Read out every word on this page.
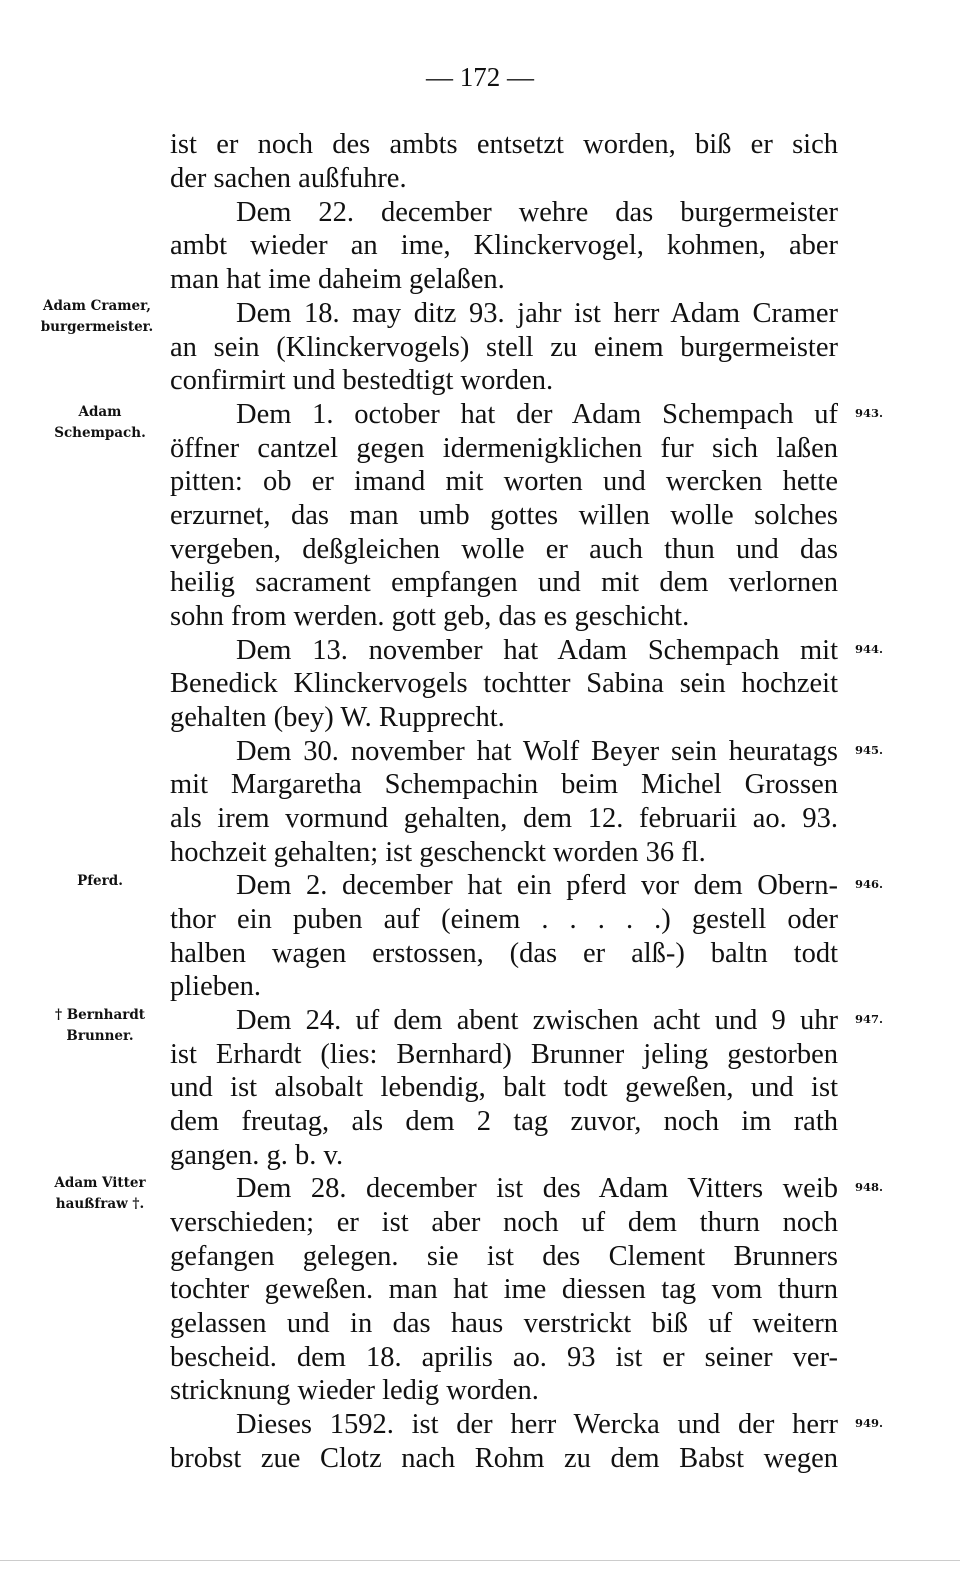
— 172 —
ist er noch des ambts entsetzt worden, biß er sich
der sachen außfuhre.
Dem 22. december wehre das burgermeister
ambt wieder an ime, Klinckervogel, kohmen, aber
man hat ime daheim gelaßen.
Dem 18. may ditz 93. jahr ist herr Adam Cramer
an sein (Klinckervogels) stell zu einem burgermeister
confirmirt und bestedtigt worden.
Dem 1. october hat der Adam Schempach uf
öffner cantzel gegen idermenigklichen fur sich laßen
pitten: ob er imand mit worten und wercken hette
erzurnet, das man umb gottes willen wolle solches
vergeben, deßgleichen wolle er auch thun und das
heilig sacrament empfangen und mit dem verlornen
sohn from werden. gott geb, das es geschicht.
Dem 13. november hat Adam Schempach mit
Benedick Klinckervogels tochtter Sabina sein hochzeit
gehalten (bey) W. Rupprecht.
Dem 30. november hat Wolf Beyer sein heuratags
mit Margaretha Schempachin beim Michel Grossen
als irem vormund gehalten, dem 12. februarii ao. 93.
hochzeit gehalten; ist geschenckt worden 36 fl.
Dem 2. december hat ein pferd vor dem Obern-
thor ein puben auf (einem . . . . .) gestell oder
halben wagen erstossen, (das er alß-) baltn todt
plieben.
Dem 24. uf dem abent zwischen acht und 9 uhr
ist Erhardt (lies: Bernhard) Brunner jeling gestorben
und ist alsobalt lebendig, balt todt geweßen, und ist
dem freutag, als dem 2 tag zuvor, noch im rath
gangen. g. b. v.
Dem 28. december ist des Adam Vitters weib
verschieden; er ist aber noch uf dem thurn noch
gefangen gelegen. sie ist des Clement Brunners
tochter geweßen. man hat ime diessen tag vom thurn
gelassen und in das haus verstrickt biß uf weitern
bescheid. dem 18. aprilis ao. 93 ist er seiner ver-
stricknung wieder ledig worden.
Dieses 1592. ist der herr Wercka und der herr
brobst zue Clotz nach Rohm zu dem Babst wegen
Adam Cramer,
burgermeister.
Adam
Schempach.
Pferd.
† Bernhardt
Brunner.
Adam Vitter
haußfraw †.
943.
944.
945.
946.
947.
948.
949.
